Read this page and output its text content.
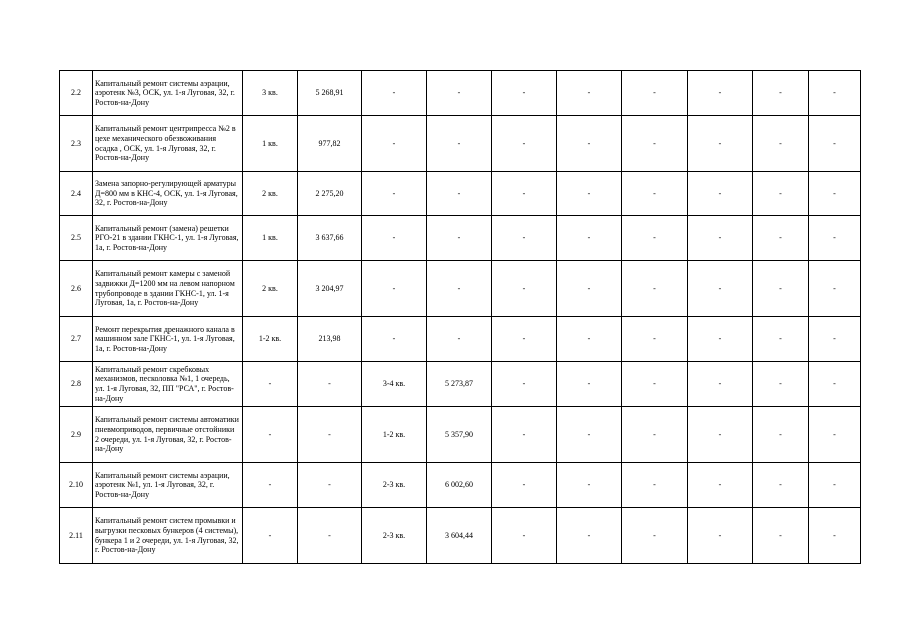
2.2	Капитальный ремонт системы аэрации, аэротенк №3, ОСК, ул. 1-я Луговая, 32, г. Ростов-на-Дону	3 кв.	5 268,91	-	-	-	-	-	-	-	-
2.3	Капитальный ремонт центрипресса №2 в цехе механического обезвоживания осадка , ОСК, ул. 1-я Луговая, 32, г. Ростов-на-Дону	1 кв.	977,82	-	-	-	-	-	-	-	-
2.4	Замена запорно-регулирующей арматуры Д=800 мм в КНС-4, ОСК, ул. 1-я Луговая, 32, г. Ростов-на-Дону	2 кв.	2 275,20	-	-	-	-	-	-	-	-
2.5	Капитальный ремонт (замена) решетки РГО-21 в здании ГКНС-1, ул. 1-я Луговая, 1а, г. Ростов-на-Дону	1 кв.	3 637,66	-	-	-	-	-	-	-	-
2.6	Капитальный ремонт камеры с заменой задвижки Д=1200 мм на левом напорном трубопроводе в здании ГКНС-1, ул. 1-я Луговая, 1а, г. Ростов-на-Дону	2 кв.	3 204,97	-	-	-	-	-	-	-	-
2.7	Ремонт перекрытия дренажного канала в машинном зале ГКНС-1, ул. 1-я Луговая, 1а, г. Ростов-на-Дону	1-2 кв.	213,98	-	-	-	-	-	-	-	-
2.8	Капитальный ремонт скребковых механизмов, песколовка №1, 1 очередь, ул. 1-я Луговая, 32, ПП "РСА", г. Ростов-на-Дону	-	-	3-4 кв.	5 273,87	-	-	-	-	-	-
2.9	Капитальный ремонт системы автоматики пневмоприводов, первичные отстойники 2 очереди, ул. 1-я Луговая, 32, г. Ростов-на-Дону	-	-	1-2 кв.	5 357,90	-	-	-	-	-	-
2.10	Капитальный ремонт системы аэрации, аэротенк №1, ул. 1-я Луговая, 32, г. Ростов-на-Дону	-	-	2-3 кв.	6 002,60	-	-	-	-	-	-
2.11	Капитальный ремонт систем промывки и выгрузки песковых бункеров (4 системы), бункера 1 и 2 очереди, ул. 1-я Луговая, 32, г. Ростов-на-Дону	-	-	2-3 кв.	3 604,44	-	-	-	-	-	-
